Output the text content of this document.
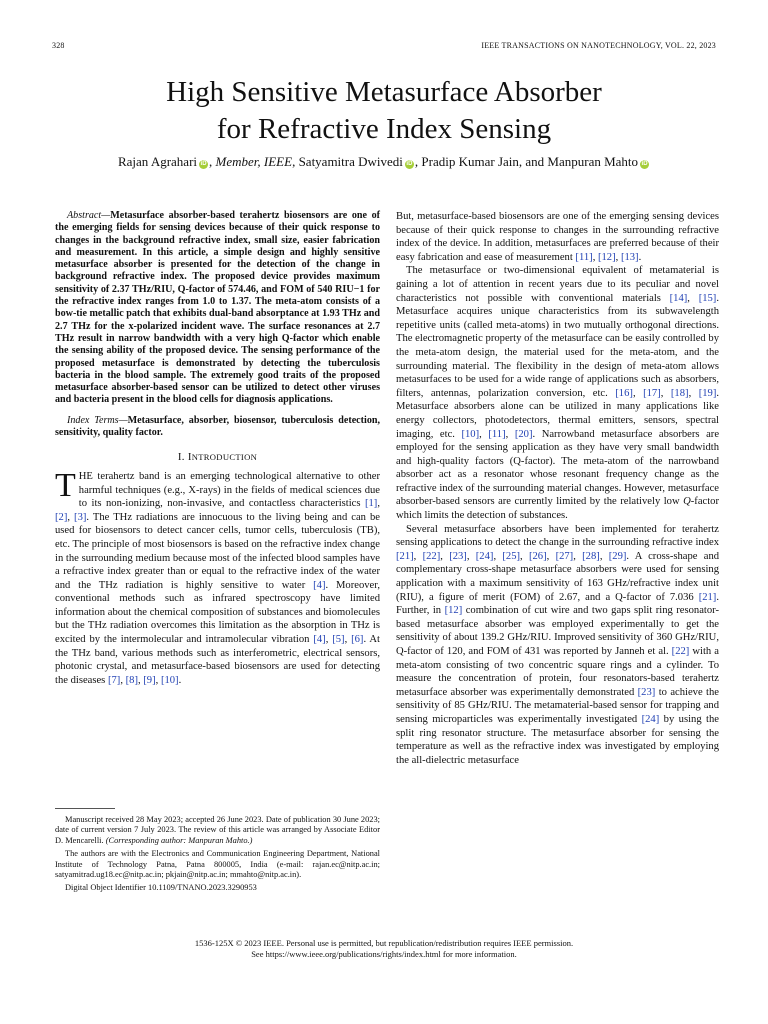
328	IEEE TRANSACTIONS ON NANOTECHNOLOGY, VOL. 22, 2023
High Sensitive Metasurface Absorber
for Refractive Index Sensing
Rajan Agrahari iD , Member, IEEE, Satyamitra Dwivedi iD , Pradip Kumar Jain, and Manpuran Mahto iD

Abstract—Metasurface absorber-based terahertz biosensors are one of the emerging fields for sensing devices because of their quick response to changes in the background refractive index, small size, easier fabrication and measurement. In this article, a simple design and highly sensitive metasurface absorber is presented for the detection of the change in background refractive index. The proposed device provides maximum sensitivity of 2.37 THz/RIU, Q-factor of 574.46, and FOM of 540 RIU−1 for the refractive index ranges from 1.0 to 1.37. The meta-atom consists of a bow-tie metallic patch that exhibits dual-band absorptance at 1.93 THz and 2.7 THz for the x-polarized incident wave. The surface resonances at 2.7 THz result in narrow bandwidth with a very high Q-factor which enable the sensing ability of the proposed device. The sensing performance of the proposed metasurface is demonstrated by detecting the tuberculosis bacteria in the blood sample. The extremely good traits of the proposed metasurface absorber-based sensor can be utilized to detect other viruses and bacteria present in the blood cells for diagnosis applications.

Index Terms—Metasurface, absorber, biosensor, tuberculosis detection, sensitivity, quality factor.

I. INTRODUCTION

THE terahertz band is an emerging technological alternative to other harmful techniques (e.g., X-rays) in the fields of medical sciences due to its non-ionizing, non-invasive, and contactless characteristics [1], [2], [3]. The THz radiations are innocuous to the living being and can be used for biosensors to detect cancer cells, tumor cells, tuberculosis (TB), etc. The principle of most biosensors is based on the refractive index change in the surrounding medium because most of the infected blood samples have a refractive index greater than or equal to the refractive index of the water and the THz radiation is highly sensitive to water [4]. Moreover, conventional methods such as infrared spectroscopy have limited information about the chemical composition of substances and biomolecules but the THz radiation overcomes this limitation as the absorption in THz is excited by the intermolecular and intramolecular vibration [4], [5], [6]. At the THz band, various methods such as interferometric, electrical sensors, photonic crystal, and metasurface-based biosensors are used for detecting the diseases [7], [8], [9], [10].

Manuscript received 28 May 2023; accepted 26 June 2023. Date of publication 30 June 2023; date of current version 7 July 2023. The review of this article was arranged by Associate Editor D. Mencarelli. (Corresponding author: Manpuran Mahto.)

The authors are with the Electronics and Communication Engineering Department, National Institute of Technology Patna, Patna 800005, India (e-mail: rajan.ec@nitp.ac.in; satyamitrad.ug18.ec@nitp.ac.in; pkjain@nitp.ac.in; mmahto@nitp.ac.in).

Digital Object Identifier 10.1109/TNANO.2023.3290953

But, metasurface-based biosensors are one of the emerging sensing devices because of their quick response to changes in the surrounding refractive index of the device. In addition, metasurfaces are preferred because of their easy fabrication and ease of measurement [11], [12], [13].

The metasurface or two-dimensional equivalent of metamaterial is gaining a lot of attention in recent years due to its peculiar and novel characteristics not possible with conventional materials [14], [15]. Metasurface acquires unique characteristics from its subwavelength repetitive units (called meta-atoms) in two mutually orthogonal directions. The electromagnetic property of the metasurface can be easily controlled by the meta-atom design, the material used for the meta-atom, and the surrounding material. The flexibility in the design of meta-atom allows metasurfaces to be used for a wide range of applications such as absorbers, filters, antennas, polarization conversion, etc. [16], [17], [18], [19]. Metasurface absorbers alone can be utilized in many applications like energy collectors, photodetectors, thermal emitters, sensors, spectral imaging, etc. [10], [11], [20]. Narrowband metasurface absorbers are employed for the sensing application as they have very small bandwidth and high-quality factors (Q-factor). The meta-atom of the narrowband absorber act as a resonator whose resonant frequency change as the refractive index of the surrounding material changes. However, metasurface absorber-based sensors are currently limited by the relatively low Q-factor which limits the detection of substances.

Several metasurface absorbers have been implemented for terahertz sensing applications to detect the change in the surrounding refractive index [21], [22], [23], [24], [25], [26], [27], [28], [29]. A cross-shape and complementary cross-shape metasurface absorbers were used for sensing application with a maximum sensitivity of 163 GHz/refractive index unit (RIU), a figure of merit (FOM) of 2.67, and a Q-factor of 7.036 [21]. Further, in [12] combination of cut wire and two gaps split ring resonator-based metasurface absorber was employed experimentally to get the sensitivity of about 139.2 GHz/RIU. Improved sensitivity of 360 GHz/RIU, Q-factor of 120, and FOM of 431 was reported by Janneh et al. [22] with a meta-atom consisting of two concentric square rings and a cylinder. To measure the concentration of protein, four resonators-based terahertz metasurface absorber was experimentally demonstrated [23] to achieve the sensitivity of 85 GHz/RIU. The metamaterial-based sensor for trapping and sensing microparticles was experimentally investigated [24] by using the split ring resonator structure. The metasurface absorber for sensing the temperature as well as the refractive index was investigated by employing the all-dielectric metasurface

1536-125X © 2023 IEEE. Personal use is permitted, but republication/redistribution requires IEEE permission.
See https://www.ieee.org/publications/rights/index.html for more information.
